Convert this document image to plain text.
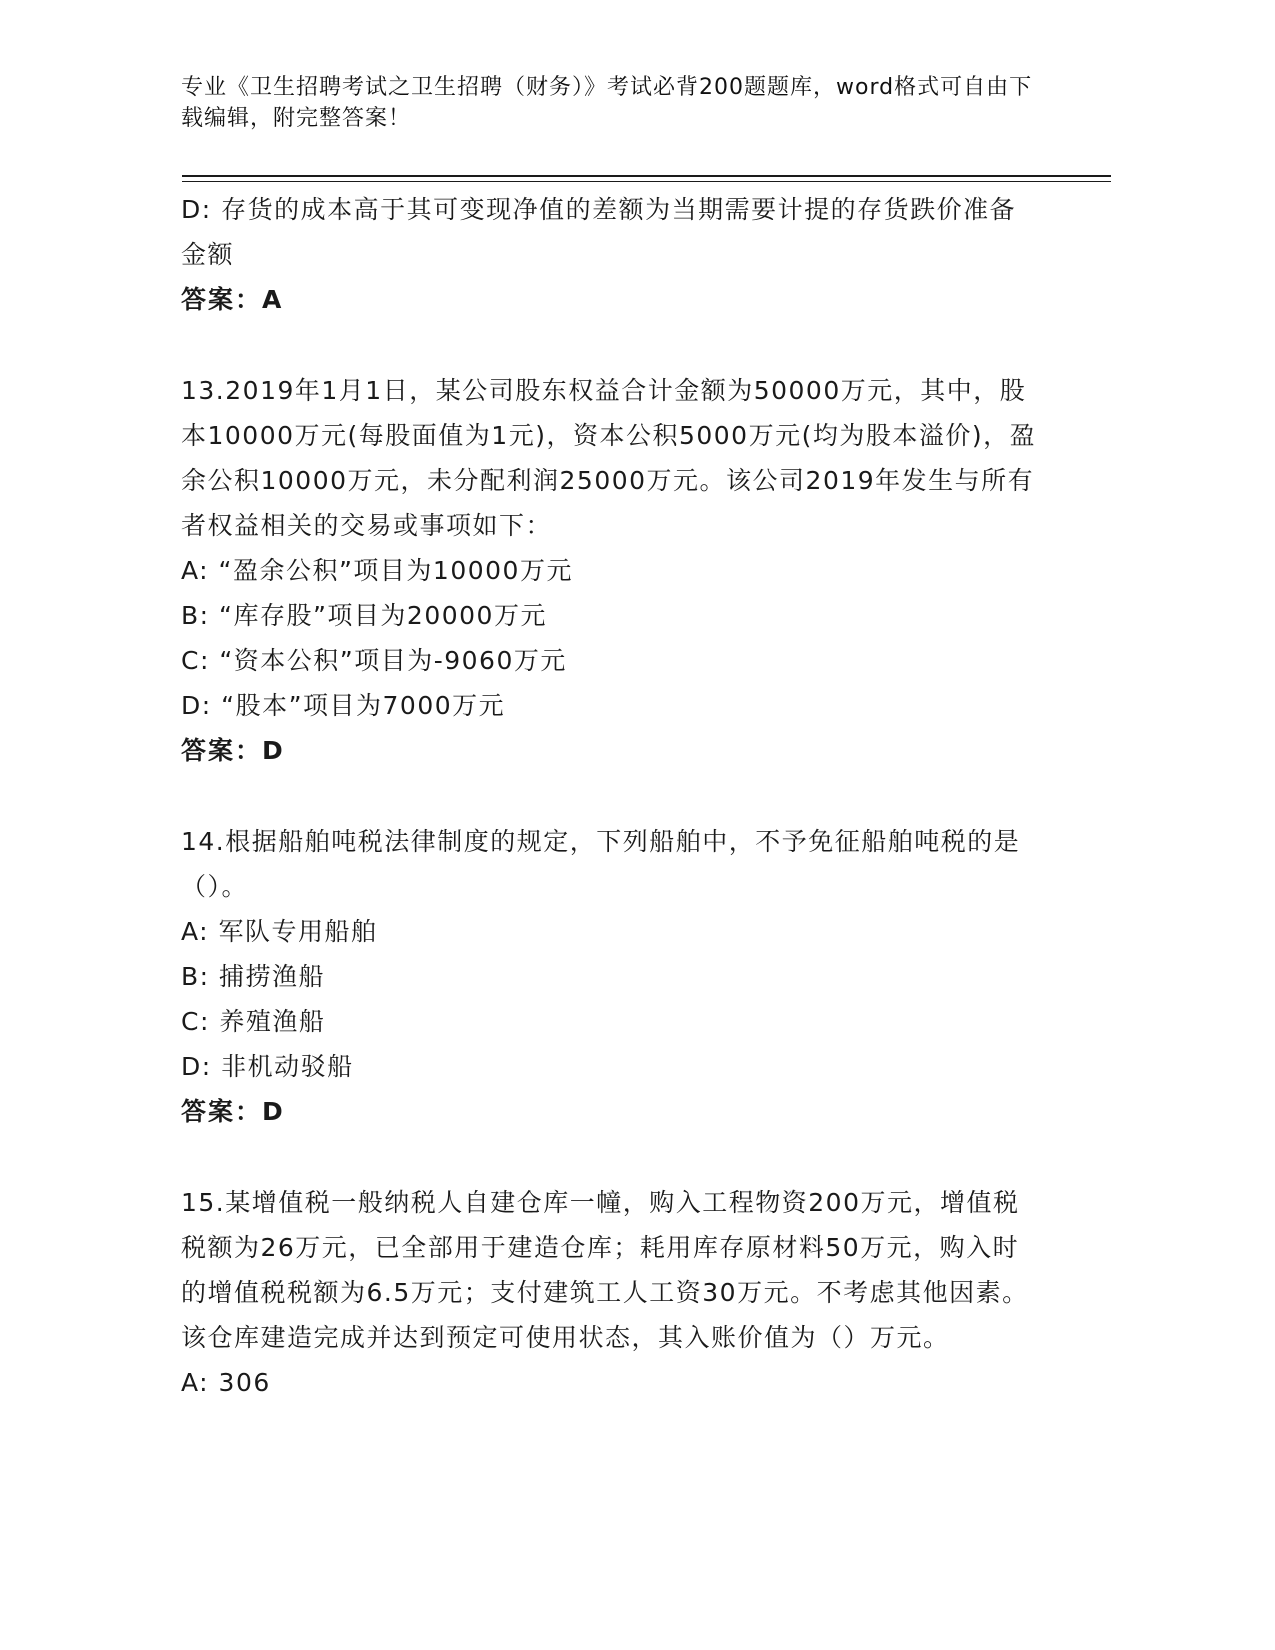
专业《卫生招聘考试之卫生招聘（财务）》考试必背200题题库，word格式可自由下载编辑，附完整答案！

D: 存货的成本高于其可变现净值的差额为当期需要计提的存货跌价准备金额

答案：A

13.2019年1月1日，某公司股东权益合计金额为50000万元，其中，股本10000万元(每股面值为1元)，资本公积5000万元(均为股本溢价)，盈余公积10000万元，未分配利润25000万元。该公司2019年发生与所有者权益相关的交易或事项如下：

A: “盈余公积”项目为10000万元

B: “库存股”项目为20000万元

C: “资本公积”项目为-9060万元

D: “股本”项目为7000万元

答案：D

14.根据船舶吨税法律制度的规定，下列船舶中，不予免征船舶吨税的是（）。

A: 军队专用船舶

B: 捕捞渔船

C: 养殖渔船

D: 非机动驳船

答案：D

15.某增值税一般纳税人自建仓库一幢，购入工程物资200万元，增值税税额为26万元，已全部用于建造仓库；耗用库存原材料50万元，购入时的增值税税额为6.5万元；支付建筑工人工资30万元。不考虑其他因素。该仓库建造完成并达到预定可使用状态，其入账价值为（）万元。

A: 306
